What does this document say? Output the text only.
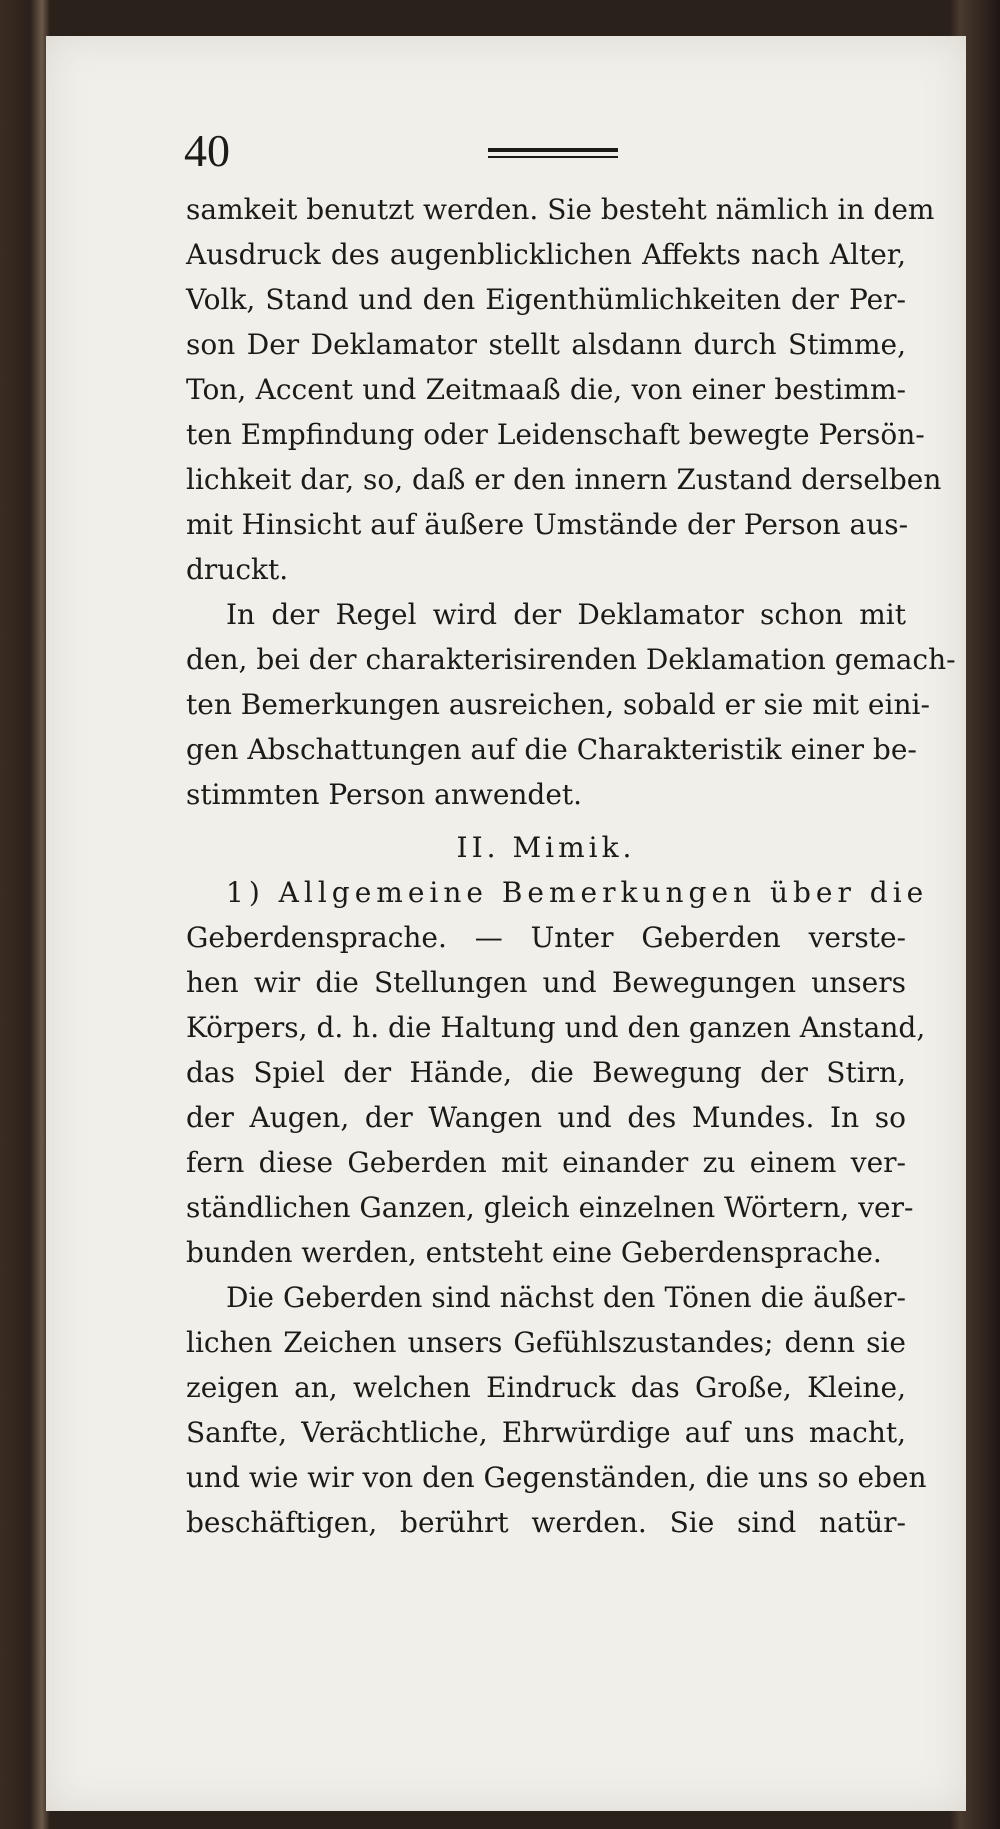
40
samkeit benutzt werden. Sie besteht nämlich in dem
Ausdruck des augenblicklichen Affekts nach Alter,
Volk, Stand und den Eigenthümlichkeiten der Per-
son Der Deklamator stellt alsdann durch Stimme,
Ton, Accent und Zeitmaaß die, von einer bestimm-
ten Empfindung oder Leidenschaft bewegte Persön-
lichkeit dar, so, daß er den innern Zustand derselben
mit Hinsicht auf äußere Umstände der Person aus-
druckt.
In der Regel wird der Deklamator schon mit
den, bei der charakterisirenden Deklamation gemach-
ten Bemerkungen ausreichen, sobald er sie mit eini-
gen Abschattungen auf die Charakteristik einer be-
stimmten Person anwendet.
II. Mimik.
1) Allgemeine Bemerkungen über die
Geberdensprache. — Unter Geberden verste-
hen wir die Stellungen und Bewegungen unsers
Körpers, d. h. die Haltung und den ganzen Anstand,
das Spiel der Hände, die Bewegung der Stirn,
der Augen, der Wangen und des Mundes. In so
fern diese Geberden mit einander zu einem ver-
ständlichen Ganzen, gleich einzelnen Wörtern, ver-
bunden werden, entsteht eine Geberdensprache.
Die Geberden sind nächst den Tönen die äußer-
lichen Zeichen unsers Gefühlszustandes; denn sie
zeigen an, welchen Eindruck das Große, Kleine,
Sanfte, Verächtliche, Ehrwürdige auf uns macht,
und wie wir von den Gegenständen, die uns so eben
beschäftigen, berührt werden. Sie sind natür-
